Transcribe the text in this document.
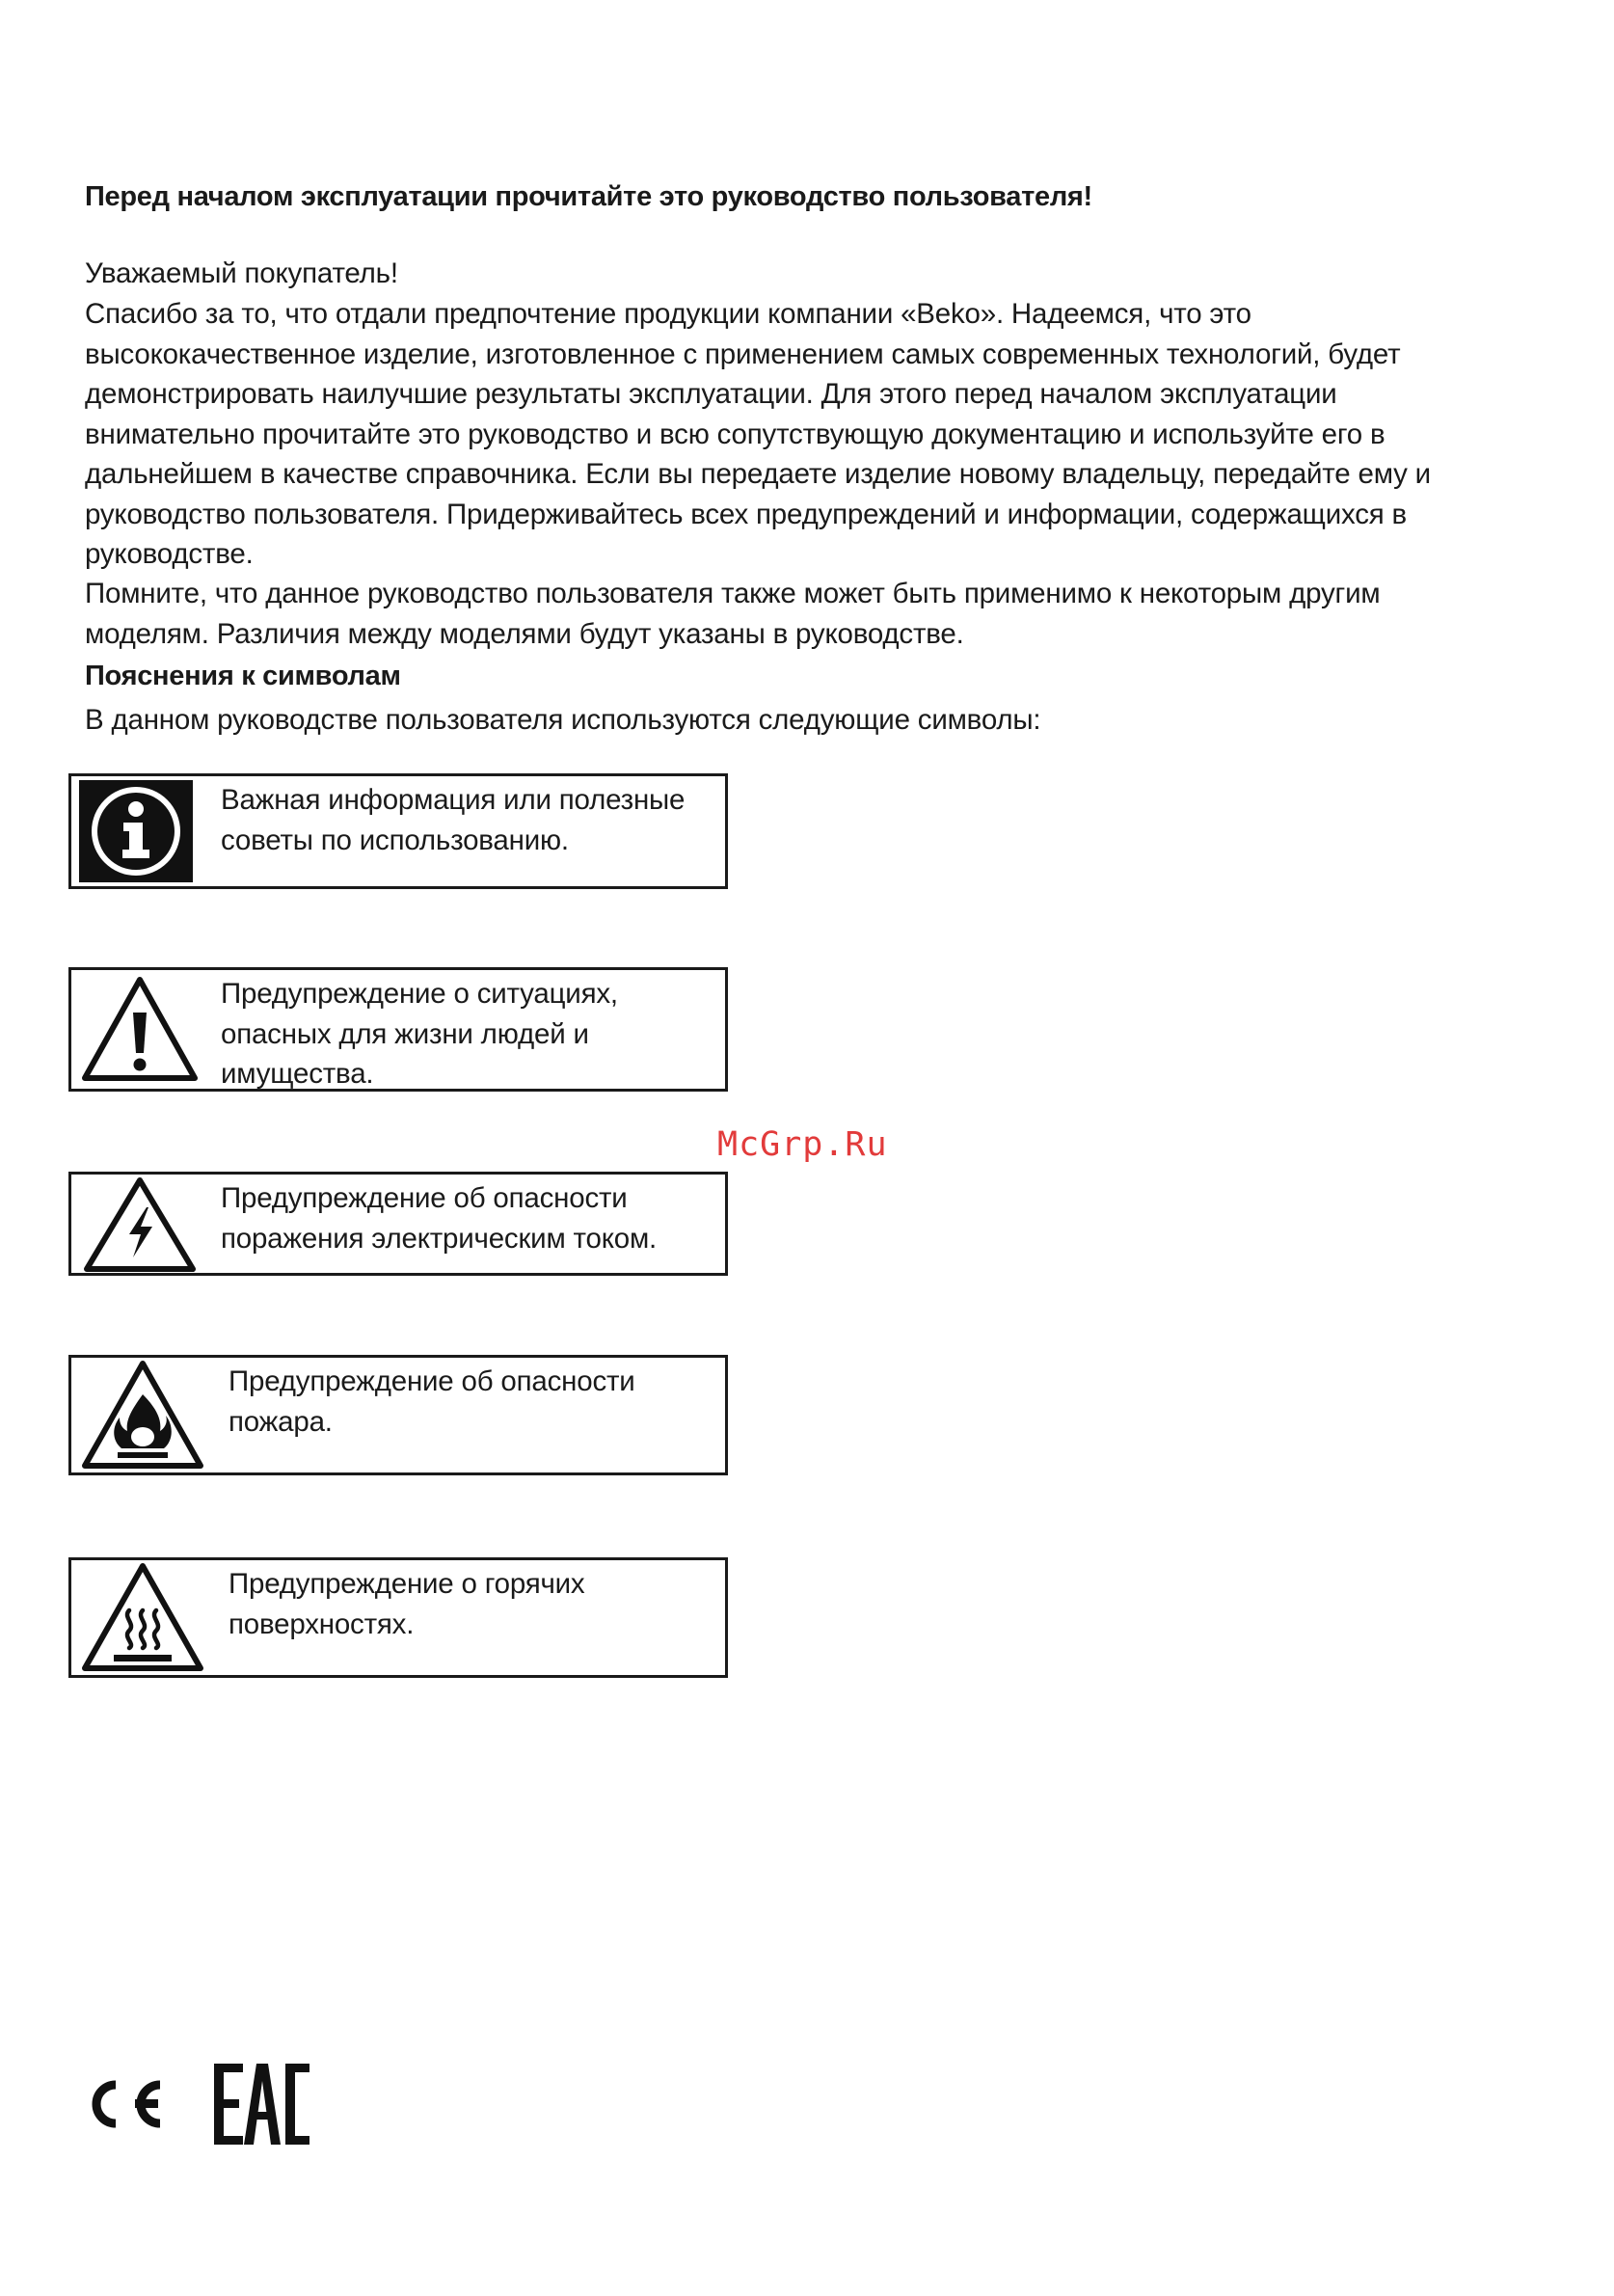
Перед началом эксплуатации прочитайте это руководство пользователя!
Уважаемый покупатель!
Спасибо за то, что отдали предпочтение продукции компании «Beko». Надеемся, что это высококачественное изделие, изготовленное с применением самых современных технологий, будет демонстрировать наилучшие результаты эксплуатации. Для этого перед началом эксплуатации внимательно прочитайте это руководство и всю сопутствующую документацию и используйте его в дальнейшем в качестве справочника. Если вы передаете изделие новому владельцу, передайте ему и руководство пользователя. Придерживайтесь всех предупреждений и информации, содержащихся в руководстве.
Помните, что данное руководство пользователя также может быть применимо к некоторым другим моделям. Различия между моделями будут указаны в руководстве.
Пояснения к символам
В данном руководстве пользователя используются следующие символы:
Важная информация или полезные советы по использованию.
Предупреждение о ситуациях, опасных для жизни людей и имущества.
Предупреждение об опасности поражения электрическим током.
Предупреждение об опасности пожара.
Предупреждение о горячих поверхностях.
McGrp.Ru
